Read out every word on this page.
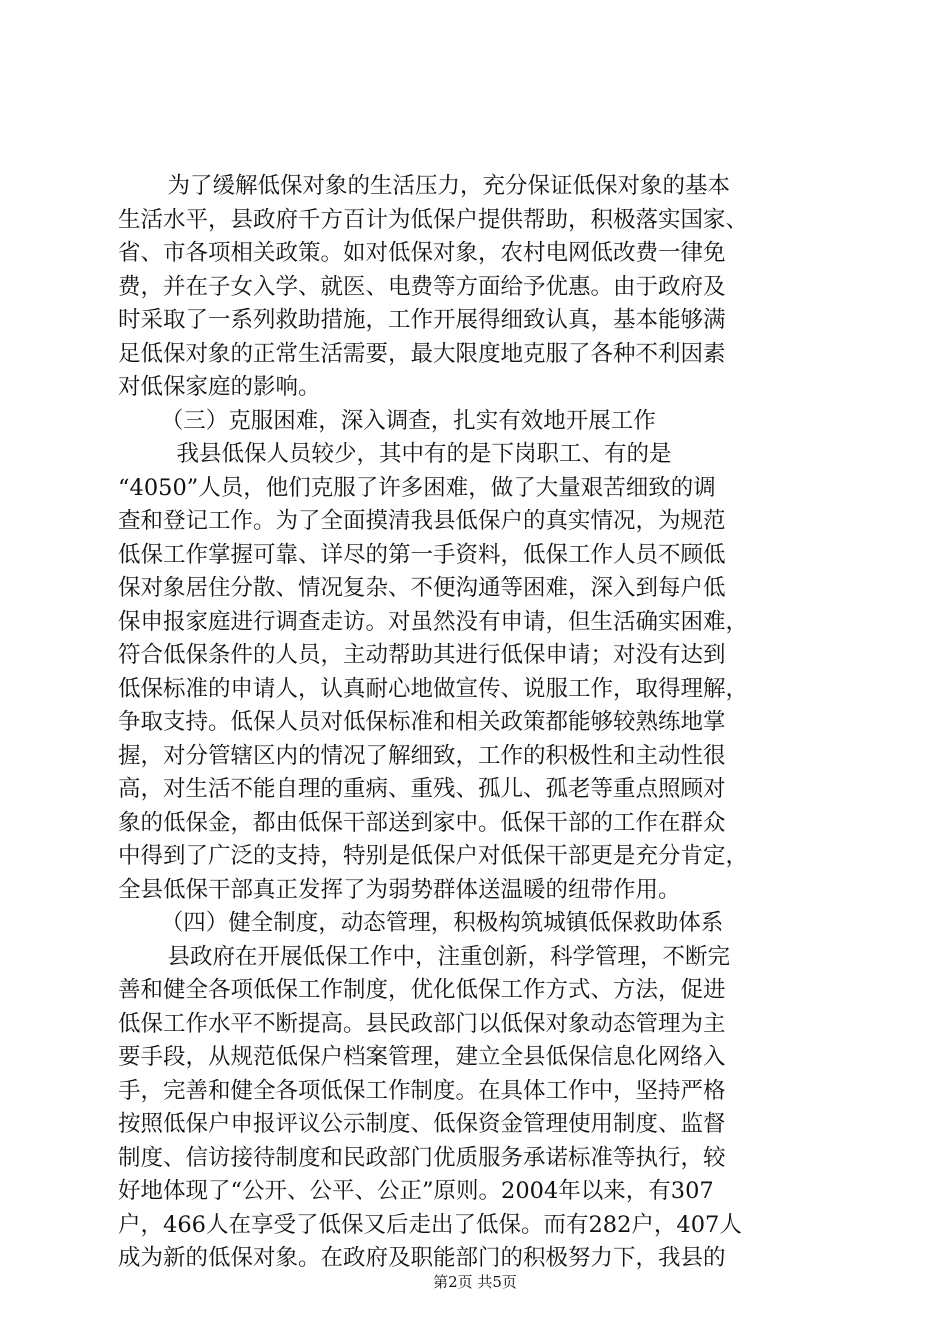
为了缓解低保对象的生活压力，充分保证低保对象的基本
生活水平，县政府千方百计为低保户提供帮助，积极落实国家、
省、市各项相关政策。如对低保对象，农村电网低改费一律免
费，并在子女入学、就医、电费等方面给予优惠。由于政府及
时采取了一系列救助措施，工作开展得细致认真，基本能够满
足低保对象的正常生活需要，最大限度地克服了各种不利因素
对低保家庭的影响。
（三）克服困难，深入调查，扎实有效地开展工作
我县低保人员较少，其中有的是下岗职工、有的是
“4050”人员，他们克服了许多困难，做了大量艰苦细致的调
查和登记工作。为了全面摸清我县低保户的真实情况，为规范
低保工作掌握可靠、详尽的第一手资料，低保工作人员不顾低
保对象居住分散、情况复杂、不便沟通等困难，深入到每户低
保申报家庭进行调查走访。对虽然没有申请，但生活确实困难，
符合低保条件的人员，主动帮助其进行低保申请；对没有达到
低保标准的申请人，认真耐心地做宣传、说服工作，取得理解，
争取支持。低保人员对低保标准和相关政策都能够较熟练地掌
握，对分管辖区内的情况了解细致，工作的积极性和主动性很
高，对生活不能自理的重病、重残、孤儿、孤老等重点照顾对
象的低保金，都由低保干部送到家中。低保干部的工作在群众
中得到了广泛的支持，特别是低保户对低保干部更是充分肯定，
全县低保干部真正发挥了为弱势群体送温暖的纽带作用。
（四）健全制度，动态管理，积极构筑城镇低保救助体系
县政府在开展低保工作中，注重创新，科学管理，不断完
善和健全各项低保工作制度，优化低保工作方式、方法，促进
低保工作水平不断提高。县民政部门以低保对象动态管理为主
要手段，从规范低保户档案管理，建立全县低保信息化网络入
手，完善和健全各项低保工作制度。在具体工作中，坚持严格
按照低保户申报评议公示制度、低保资金管理使用制度、监督
制度、信访接待制度和民政部门优质服务承诺标准等执行，较
好地体现了“公开、公平、公正”原则。2004年以来，有307
户，466人在享受了低保又后走出了低保。而有282户，407人
成为新的低保对象。在政府及职能部门的积极努力下，我县的
第2页 共5页
